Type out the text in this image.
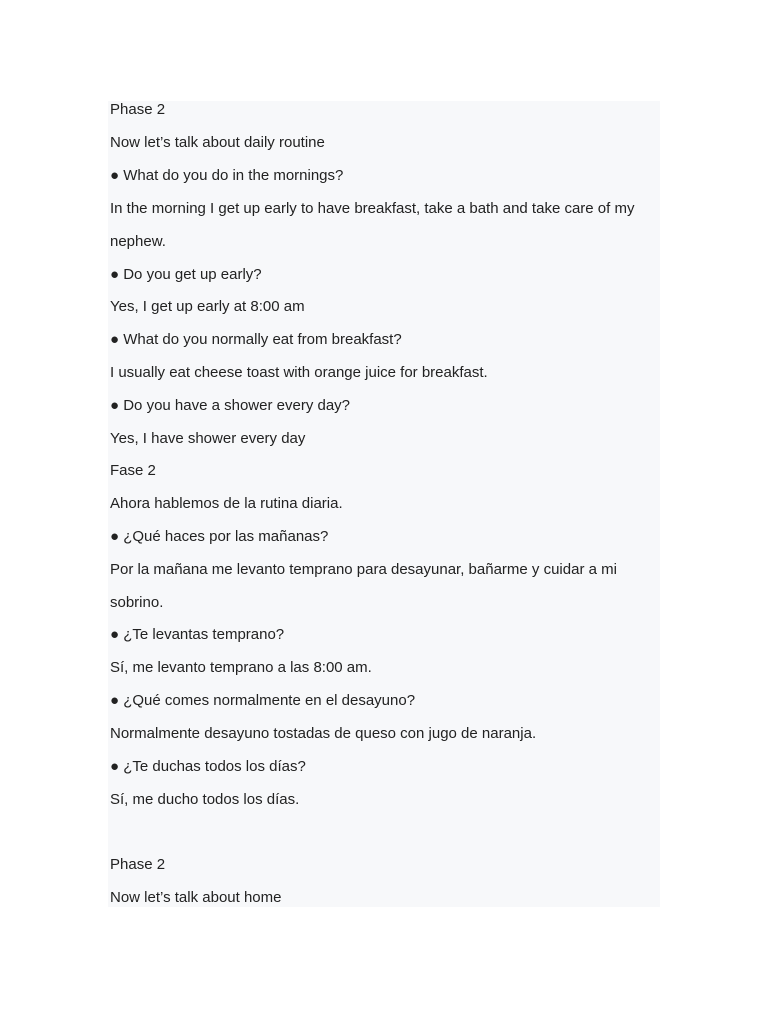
Phase 2
Now let’s talk about daily routine
● What do you do in the mornings?
In the morning I get up early to have breakfast, take a bath and take care of my
nephew.
● Do you get up early?
Yes, I get up early at 8:00 am
● What do you normally eat from breakfast?
I usually eat cheese toast with orange juice for breakfast.
● Do you have a shower every day?
Yes, I have shower every day
Fase 2
Ahora hablemos de la rutina diaria.
● ¿Qué haces por las mañanas?
Por la mañana me levanto temprano para desayunar, bañarme y cuidar a mi
sobrino.
● ¿Te levantas temprano?
Sí, me levanto temprano a las 8:00 am.
● ¿Qué comes normalmente en el desayuno?
Normalmente desayuno tostadas de queso con jugo de naranja.
● ¿Te duchas todos los días?
Sí, me ducho todos los días.
Phase 2
Now let’s talk about home
